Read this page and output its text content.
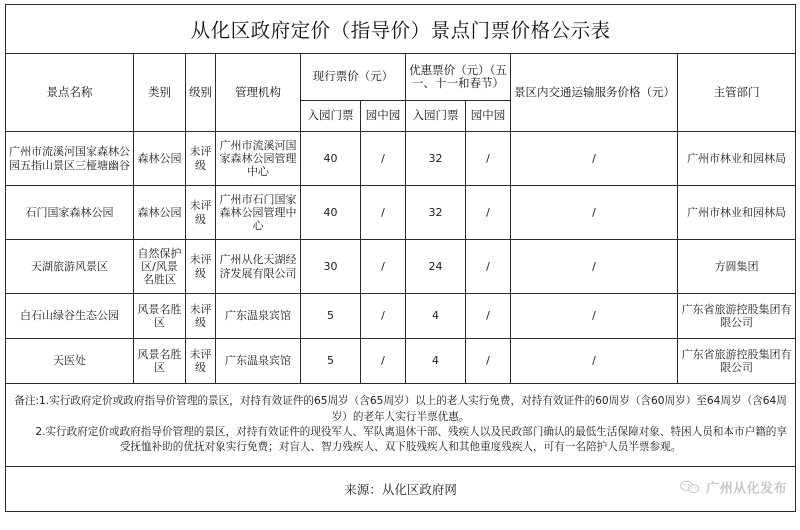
从化区政府定价（指导价）景点门票价格公示表									
景点名称	类别	级别	管理机构	现行票价（元）		优惠票价（元）（五一、十一和春节）		景区内交通运输服务价格（元）	主管部门
				入园门票	园中园	入园门票	园中园		
广州市流溪河国家森林公园五指山景区三桠塘幽谷	森林公园	未评级	广州市流溪河国家森林公园管理中心	40	/	32	/	/	广州市林业和园林局
石门国家森林公园	森林公园	未评级	广州市石门国家森林公园管理中心	40	/	32	/	/	广州市林业和园林局
天湖旅游风景区	自然保护区/风景名胜区	未评级	广州从化天湖经济发展有限公司	30	/	24	/	/	方圆集团
白石山绿谷生态公园	风景名胜区	未评级	广东温泉宾馆	5	/	4	/	/	广东省旅游控股集团有限公司
天医处	风景名胜区	未评级	广东温泉宾馆	5	/	4	/	/	广东省旅游控股集团有限公司

备注:1.实行政府定价或政府指导价管理的景区，对持有效证件的65周岁（含65周岁）以上的老人实行免费，对持有效证件的60周岁（含60周岁）至64周岁（含64周岁）的老年人实行半票优惠。

2.实行政府定价或政府指导价管理的景区，对持有效证件的现役军人、军队离退休干部、残疾人以及民政部门确认的最低生活保障对象、特困人员和本市户籍的享受抚恤补助的优抚对象实行免费；对盲人、智力残疾人、双下肢残疾人和其他重度残疾人，可有一名陪护人员半票参观。									

来源：从化区政府网 广州从化发布									
